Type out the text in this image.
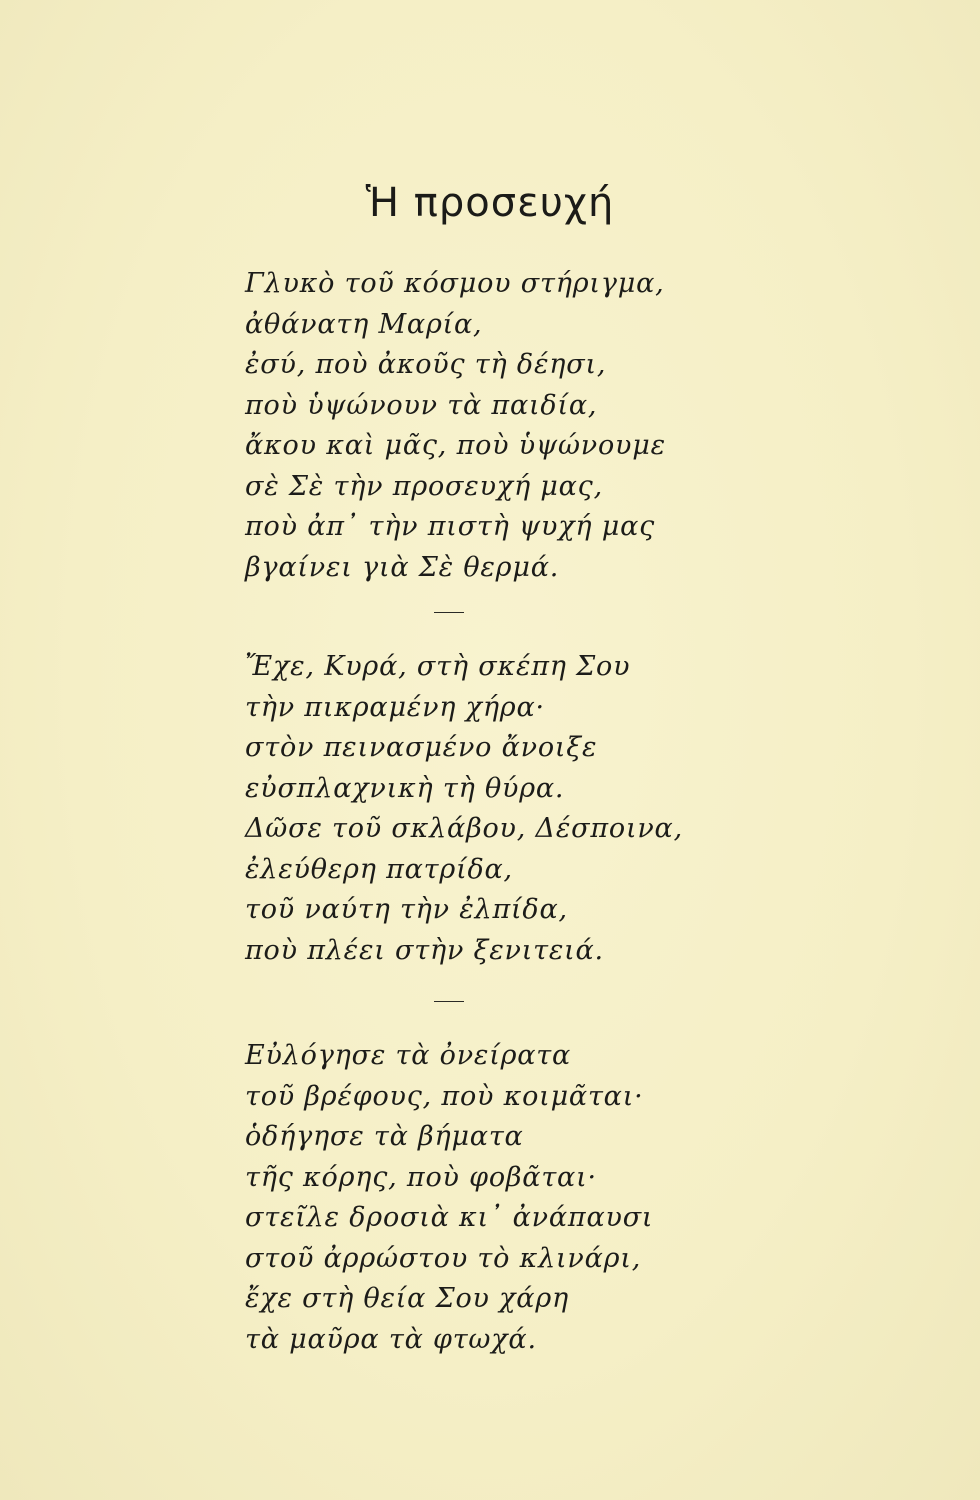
Ἡ προσευχή
Γλυκὸ τοῦ κόσμου στήριγμα,
ἀθάνατη Μαρία,
ἐσύ, ποὺ ἀκοῦς τὴ δέησι,
ποὺ ὑψώνουν τὰ παιδία,
ἄκου καὶ μᾶς, ποὺ ὑψώνουμε
σὲ Σὲ τὴν προσευχή μας,
ποὺ ἀπ᾽ τὴν πιστὴ ψυχή μας
βγαίνει γιὰ Σὲ θερμά.
Ἔχε, Κυρά, στὴ σκέπη Σου
τὴν πικραμένη χήρα·
στὸν πεινασμένο ἄνοιξε
εὐσπλαχνικὴ τὴ θύρα.
Δῶσε τοῦ σκλάβου, Δέσποινα,
ἐλεύθερη πατρίδα,
τοῦ ναύτη τὴν ἐλπίδα,
ποὺ πλέει στὴν ξενιτειά.
Εὐλόγησε τὰ ὀνείρατα
τοῦ βρέφους, ποὺ κοιμᾶται·
ὁδήγησε τὰ βήματα
τῆς κόρης, ποὺ φοβᾶται·
στεῖλε δροσιὰ κι᾽ ἀνάπαυσι
στοῦ ἀρρώστου τὸ κλινάρι,
ἔχε στὴ θεία Σου χάρη
τὰ μαῦρα τὰ φτωχά.
